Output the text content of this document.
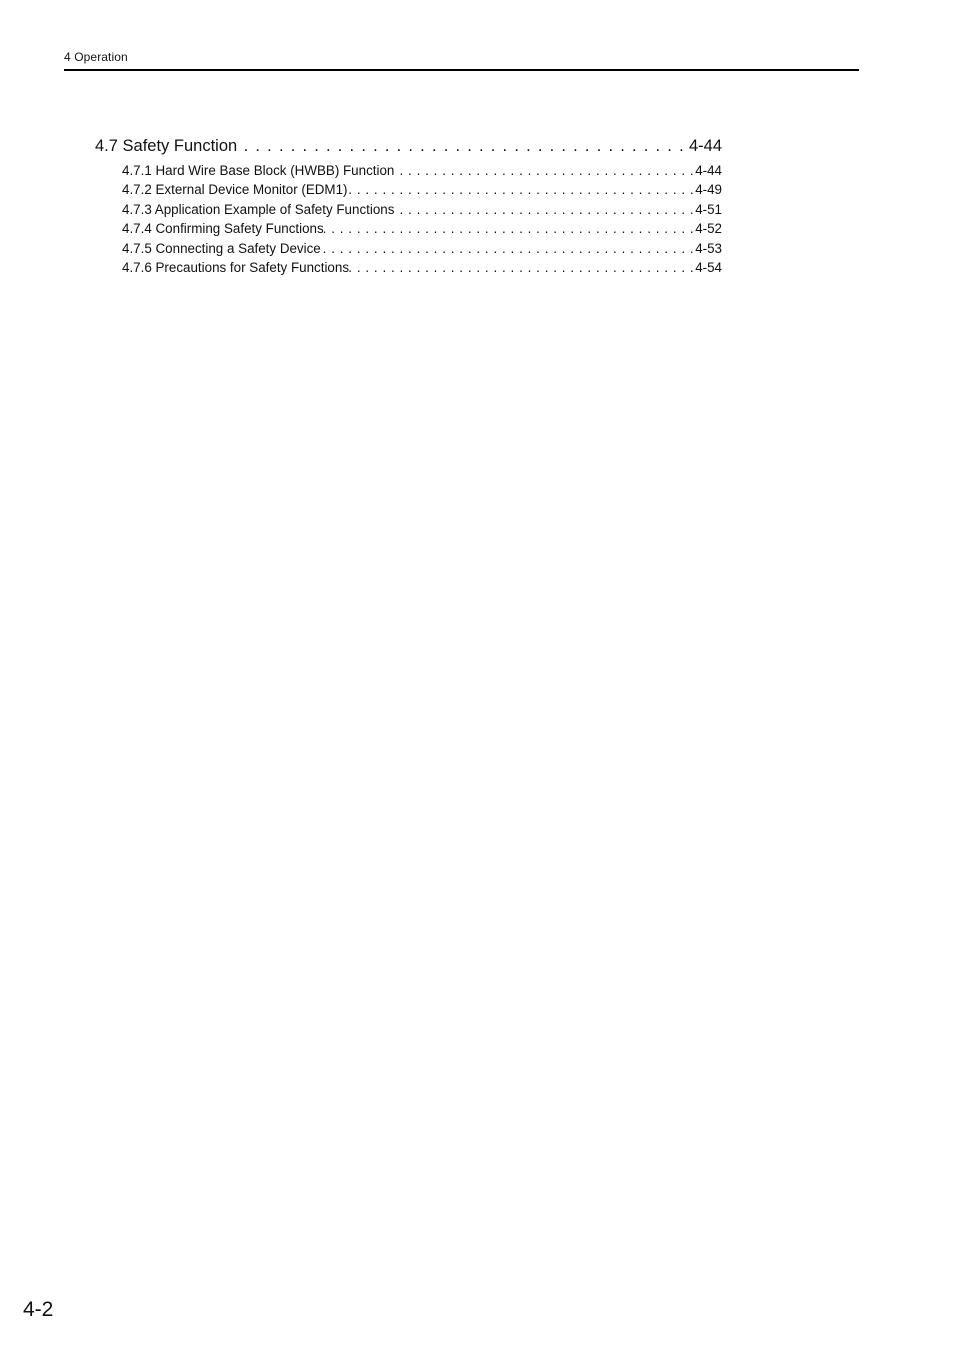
4 Operation
4.7 Safety Function . . .	4-44
4.7.1 Hard Wire Base Block (HWBB) Function . . .	4-44
4.7.2 External Device Monitor (EDM1) . . .	4-49
4.7.3 Application Example of Safety Functions . . .	4-51
4.7.4 Confirming Safety Functions . . .	4-52
4.7.5 Connecting a Safety Device . . .	4-53
4.7.6 Precautions for Safety Functions . . .	4-54
4-2
